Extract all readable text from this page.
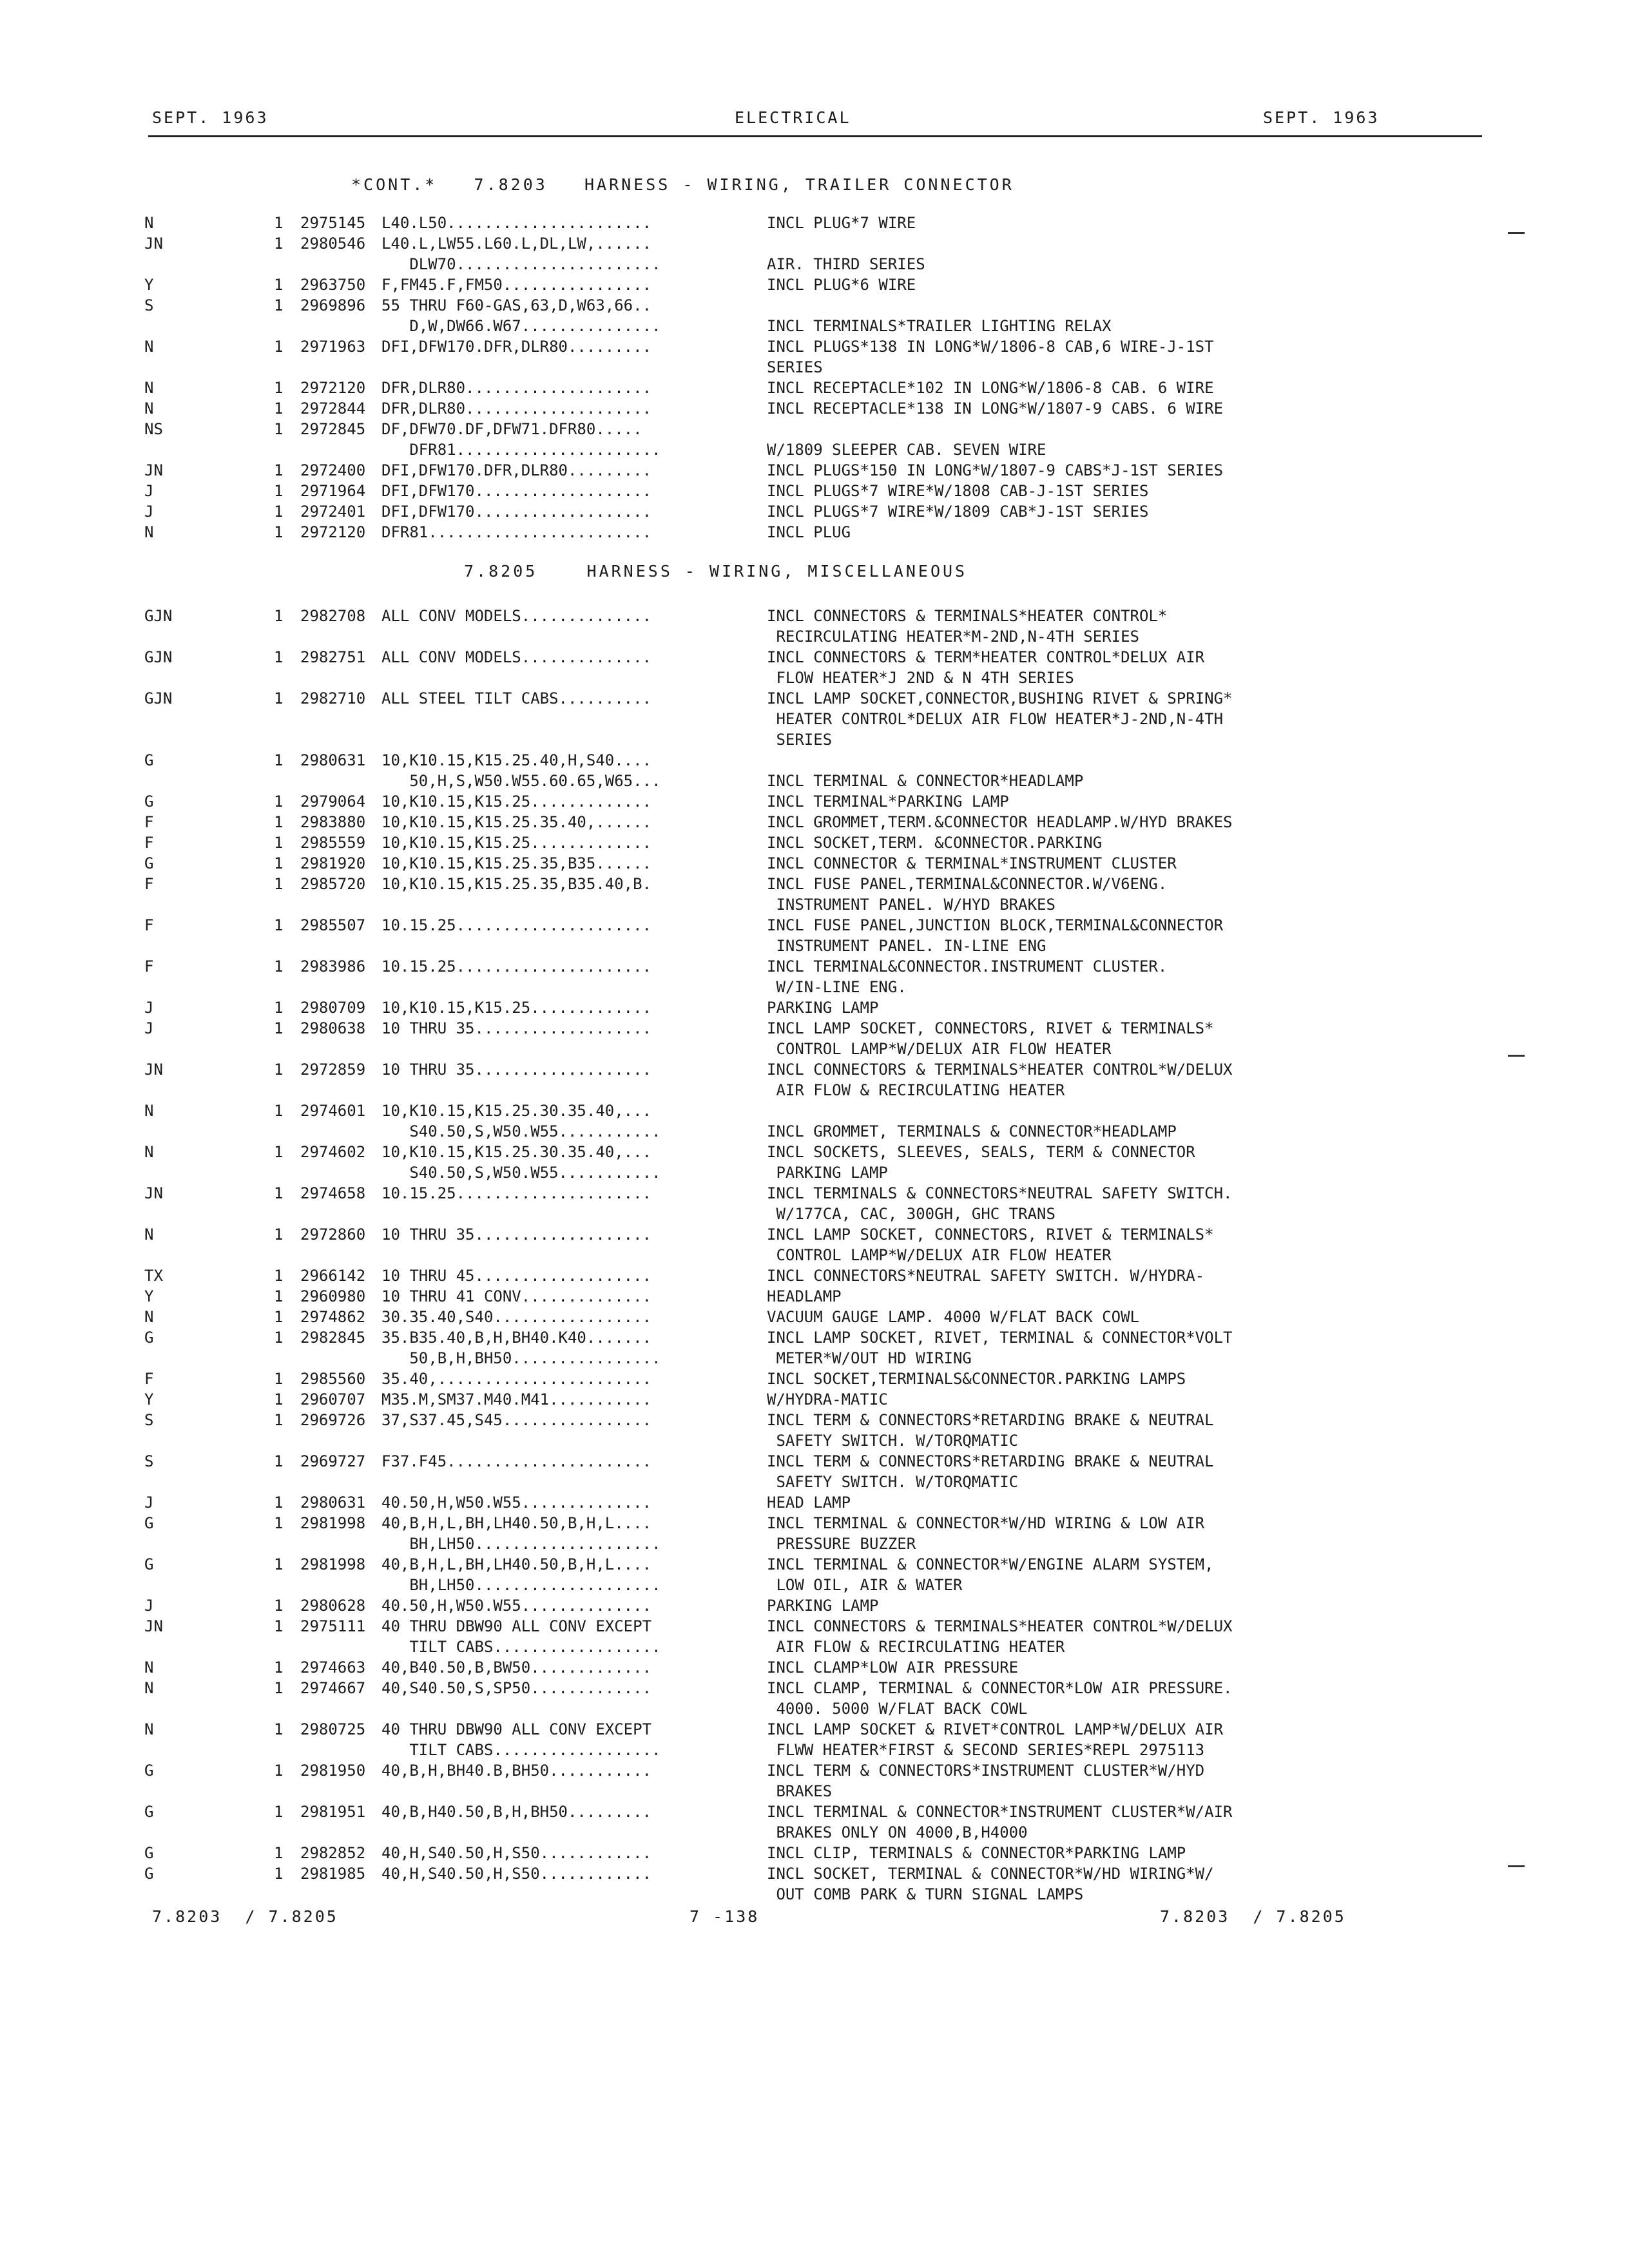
SEPT. 1963	ELECTRICAL	SEPT. 1963
*CONT.*   7.8203   HARNESS - WIRING, TRAILER CONNECTOR
N	1 2975145 L40.L50......................	INCL PLUG*7 WIRE
JN	1 2980546 L40.L,LW55.L60.L,DL,LW,......
DLW70......................	AIR. THIRD SERIES
Y	1 2963750 F,FM45.F,FM50................	INCL PLUG*6 WIRE
S	1 2969896 55 THRU F60-GAS,63,D,W63,66..
D,W,DW66.W67...............	INCL TERMINALS*TRAILER LIGHTING RELAX
N	1 2971963 DFI,DFW170.DFR,DLR80.........	INCL PLUGS*138 IN LONG*W/1806-8 CAB,6 WIRE-J-1ST
SERIES
N	1 2972120 DFR,DLR80....................	INCL RECEPTACLE*102 IN LONG*W/1806-8 CAB. 6 WIRE
N	1 2972844 DFR,DLR80....................	INCL RECEPTACLE*138 IN LONG*W/1807-9 CABS. 6 WIRE
NS	1 2972845 DF,DFW70.DF,DFW71.DFR80.....
DFR81......................	W/1809 SLEEPER CAB. SEVEN WIRE
JN	1 2972400 DFI,DFW170.DFR,DLR80.........	INCL PLUGS*150 IN LONG*W/1807-9 CABS*J-1ST SERIES
J	1 2971964 DFI,DFW170...................	INCL PLUGS*7 WIRE*W/1808 CAB-J-1ST SERIES
J	1 2972401 DFI,DFW170...................	INCL PLUGS*7 WIRE*W/1809 CAB*J-1ST SERIES
N	1 2972120 DFR81........................	INCL PLUG
7.8205    HARNESS - WIRING, MISCELLANEOUS
GJN	1 2982708 ALL CONV MODELS..............	INCL CONNECTORS & TERMINALS*HEATER CONTROL*
RECIRCULATING HEATER*M-2ND,N-4TH SERIES
GJN	1 2982751 ALL CONV MODELS..............	INCL CONNECTORS & TERM*HEATER CONTROL*DELUX AIR
FLOW HEATER*J 2ND & N 4TH SERIES
GJN	1 2982710 ALL STEEL TILT CABS..........	INCL LAMP SOCKET,CONNECTOR,BUSHING RIVET & SPRING*
HEATER CONTROL*DELUX AIR FLOW HEATER*J-2ND,N-4TH
SERIES
G	1 2980631 10,K10.15,K15.25.40,H,S40....
50,H,S,W50.W55.60.65,W65...	INCL TERMINAL & CONNECTOR*HEADLAMP
G	1 2979064 10,K10.15,K15.25.............	INCL TERMINAL*PARKING LAMP
F	1 2983880 10,K10.15,K15.25.35.40,......	INCL GROMMET,TERM.&CONNECTOR HEADLAMP.W/HYD BRAKES
F	1 2985559 10,K10.15,K15.25.............	INCL SOCKET,TERM. &CONNECTOR.PARKING
G	1 2981920 10,K10.15,K15.25.35,B35......	INCL CONNECTOR & TERMINAL*INSTRUMENT CLUSTER
F	1 2985720 10,K10.15,K15.25.35,B35.40,B.	INCL FUSE PANEL,TERMINAL&CONNECTOR.W/V6ENG.
INSTRUMENT PANEL. W/HYD BRAKES
F	1 2985507 10.15.25.....................	INCL FUSE PANEL,JUNCTION BLOCK,TERMINAL&CONNECTOR
INSTRUMENT PANEL. IN-LINE ENG
F	1 2983986 10.15.25.....................	INCL TERMINAL&CONNECTOR.INSTRUMENT CLUSTER.
W/IN-LINE ENG.
J	1 2980709 10,K10.15,K15.25.............	PARKING LAMP
J	1 2980638 10 THRU 35...................	INCL LAMP SOCKET, CONNECTORS, RIVET & TERMINALS*
CONTROL LAMP*W/DELUX AIR FLOW HEATER
JN	1 2972859 10 THRU 35...................	INCL CONNECTORS & TERMINALS*HEATER CONTROL*W/DELUX
AIR FLOW & RECIRCULATING HEATER
N	1 2974601 10,K10.15,K15.25.30.35.40,...
S40.50,S,W50.W55...........	INCL GROMMET, TERMINALS & CONNECTOR*HEADLAMP
N	1 2974602 10,K10.15,K15.25.30.35.40,...	INCL SOCKETS, SLEEVES, SEALS, TERM & CONNECTOR
S40.50,S,W50.W55...........	PARKING LAMP
JN	1 2974658 10.15.25.....................	INCL TERMINALS & CONNECTORS*NEUTRAL SAFETY SWITCH.
W/177CA, CAC, 300GH, GHC TRANS
N	1 2972860 10 THRU 35...................	INCL LAMP SOCKET, CONNECTORS, RIVET & TERMINALS*
CONTROL LAMP*W/DELUX AIR FLOW HEATER
TX	1 2966142 10 THRU 45...................	INCL CONNECTORS*NEUTRAL SAFETY SWITCH. W/HYDRA-
Y	1 2960980 10 THRU 41 CONV..............	HEADLAMP
N	1 2974862 30.35.40,S40.................	VACUUM GAUGE LAMP. 4000 W/FLAT BACK COWL
G	1 2982845 35.B35.40,B,H,BH40.K40.......	INCL LAMP SOCKET, RIVET, TERMINAL & CONNECTOR*VOLT
50,B,H,BH50................	METER*W/OUT HD WIRING
F	1 2985560 35.40,.......................	INCL SOCKET,TERMINALS&CONNECTOR.PARKING LAMPS
Y	1 2960707 M35.M,SM37.M40.M41...........	W/HYDRA-MATIC
S	1 2969726 37,S37.45,S45................	INCL TERM & CONNECTORS*RETARDING BRAKE & NEUTRAL
SAFETY SWITCH. W/TORQMATIC
S	1 2969727 F37.F45......................	INCL TERM & CONNECTORS*RETARDING BRAKE & NEUTRAL
SAFETY SWITCH. W/TORQMATIC
J	1 2980631 40.50,H,W50.W55..............	HEAD LAMP
G	1 2981998 40,B,H,L,BH,LH40.50,B,H,L....	INCL TERMINAL & CONNECTOR*W/HD WIRING & LOW AIR
BH,LH50....................	PRESSURE BUZZER
G	1 2981998 40,B,H,L,BH,LH40.50,B,H,L....	INCL TERMINAL & CONNECTOR*W/ENGINE ALARM SYSTEM,
BH,LH50....................	LOW OIL, AIR & WATER
J	1 2980628 40.50,H,W50.W55..............	PARKING LAMP
JN	1 2975111 40 THRU DBW90 ALL CONV EXCEPT	INCL CONNECTORS & TERMINALS*HEATER CONTROL*W/DELUX
TILT CABS..................	AIR FLOW & RECIRCULATING HEATER
N	1 2974663 40,B40.50,B,BW50.............	INCL CLAMP*LOW AIR PRESSURE
N	1 2974667 40,S40.50,S,SP50.............	INCL CLAMP, TERMINAL & CONNECTOR*LOW AIR PRESSURE.
4000. 5000 W/FLAT BACK COWL
N	1 2980725 40 THRU DBW90 ALL CONV EXCEPT	INCL LAMP SOCKET & RIVET*CONTROL LAMP*W/DELUX AIR
TILT CABS..................	FLWW HEATER*FIRST & SECOND SERIES*REPL 2975113
G	1 2981950 40,B,H,BH40.B,BH50...........	INCL TERM & CONNECTORS*INSTRUMENT CLUSTER*W/HYD
BRAKES
G	1 2981951 40,B,H40.50,B,H,BH50.........	INCL TERMINAL & CONNECTOR*INSTRUMENT CLUSTER*W/AIR
BRAKES ONLY ON 4000,B,H4000
G	1 2982852 40,H,S40.50,H,S50............	INCL CLIP, TERMINALS & CONNECTOR*PARKING LAMP
G	1 2981985 40,H,S40.50,H,S50............	INCL SOCKET, TERMINAL & CONNECTOR*W/HD WIRING*W/
OUT COMB PARK & TURN SIGNAL LAMPS
7.8203  / 7.8205	7 -138	7.8203  / 7.8205
